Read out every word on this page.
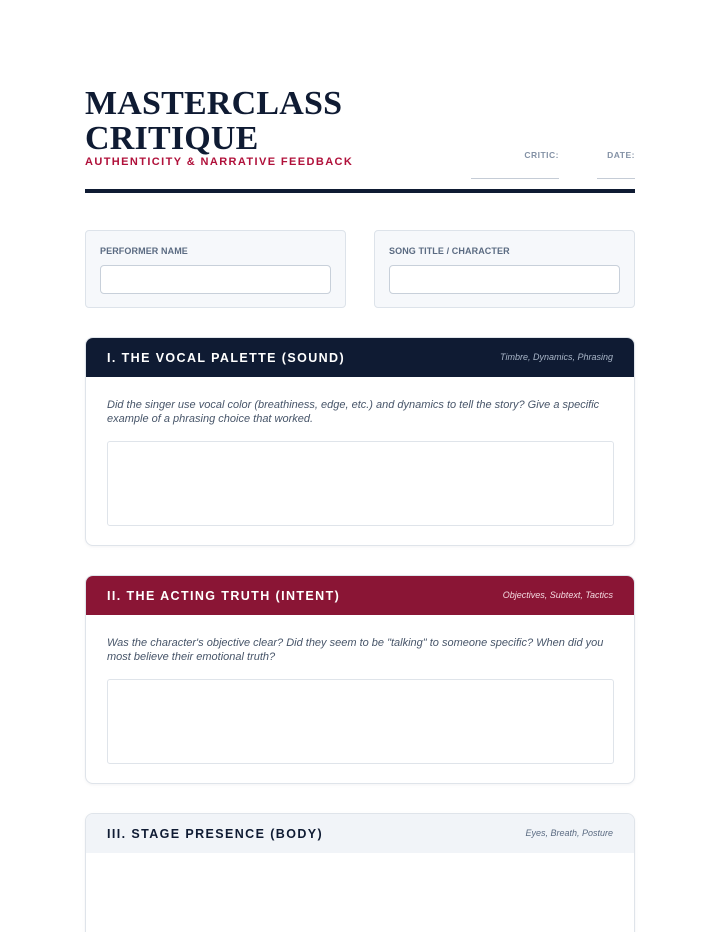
MASTERCLASS
CRITIQUE
AUTHENTICITY & NARRATIVE FEEDBACK
CRITIC:	DATE:
PERFORMER NAME	SONG TITLE / CHARACTER
I. THE VOCAL PALETTE (SOUND)	Timbre, Dynamics, Phrasing
Did the singer use vocal color (breathiness, edge, etc.) and dynamics to tell the story? Give a specific example of a phrasing choice that worked.
II. THE ACTING TRUTH (INTENT)	Objectives, Subtext, Tactics
Was the character's objective clear? Did they seem to be "talking" to someone specific? When did you most believe their emotional truth?
III. STAGE PRESENCE (BODY)	Eyes, Breath, Posture
